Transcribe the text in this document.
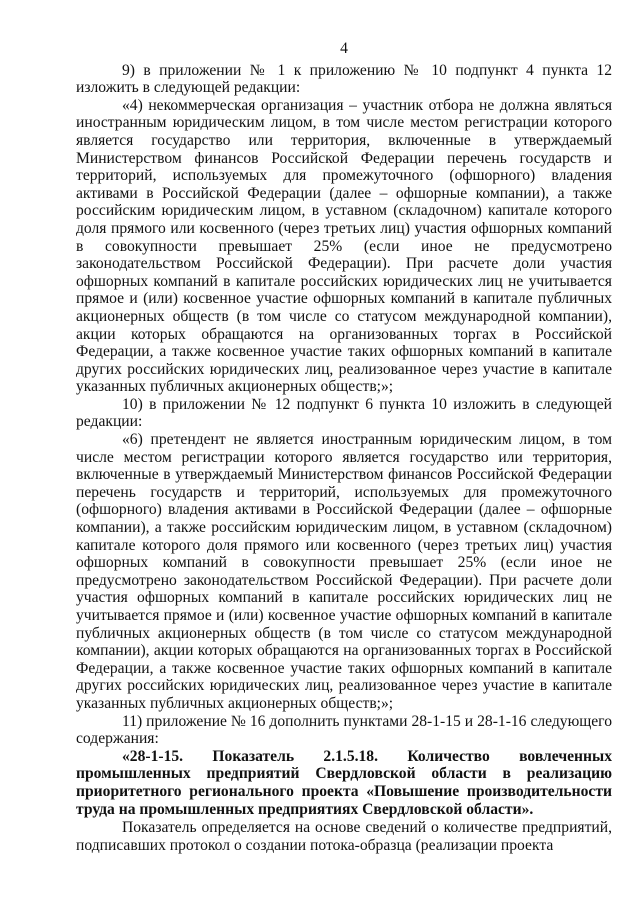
4

9) в приложении № 1 к приложению № 10 подпункт 4 пункта 12 изложить в следующей редакции:

«4) некоммерческая организация – участник отбора не должна являться иностранным юридическим лицом, в том числе местом регистрации которого является государство или территория, включенные в утверждаемый Министерством финансов Российской Федерации перечень государств и территорий, используемых для промежуточного (офшорного) владения активами в Российской Федерации (далее – офшорные компании), а также российским юридическим лицом, в уставном (складочном) капитале которого доля прямого или косвенного (через третьих лиц) участия офшорных компаний в совокупности превышает 25% (если иное не предусмотрено законодательством Российской Федерации). При расчете доли участия офшорных компаний в капитале российских юридических лиц не учитывается прямое и (или) косвенное участие офшорных компаний в капитале публичных акционерных обществ (в том числе со статусом международной компании), акции которых обращаются на организованных торгах в Российской Федерации, а также косвенное участие таких офшорных компаний в капитале других российских юридических лиц, реализованное через участие в капитале указанных публичных акционерных обществ;»;

10) в приложении № 12 подпункт 6 пункта 10 изложить в следующей редакции:

«6) претендент не является иностранным юридическим лицом, в том числе местом регистрации которого является государство или территория, включенные в утверждаемый Министерством финансов Российской Федерации перечень государств и территорий, используемых для промежуточного (офшорного) владения активами в Российской Федерации (далее – офшорные компании), а также российским юридическим лицом, в уставном (складочном) капитале которого доля прямого или косвенного (через третьих лиц) участия офшорных компаний в совокупности превышает 25% (если иное не предусмотрено законодательством Российской Федерации). При расчете доли участия офшорных компаний в капитале российских юридических лиц не учитывается прямое и (или) косвенное участие офшорных компаний в капитале публичных акционерных обществ (в том числе со статусом международной компании), акции которых обращаются на организованных торгах в Российской Федерации, а также косвенное участие таких офшорных компаний в капитале других российских юридических лиц, реализованное через участие в капитале указанных публичных акционерных обществ;»;

11) приложение № 16 дополнить пунктами 28-1-15 и 28-1-16 следующего содержания:

«28-1-15. Показатель 2.1.5.18. Количество вовлеченных промышленных предприятий Свердловской области в реализацию приоритетного регионального проекта «Повышение производительности труда на промышленных предприятиях Свердловской области».

Показатель определяется на основе сведений о количестве предприятий, подписавших протокол о создании потока-образца (реализации проекта
